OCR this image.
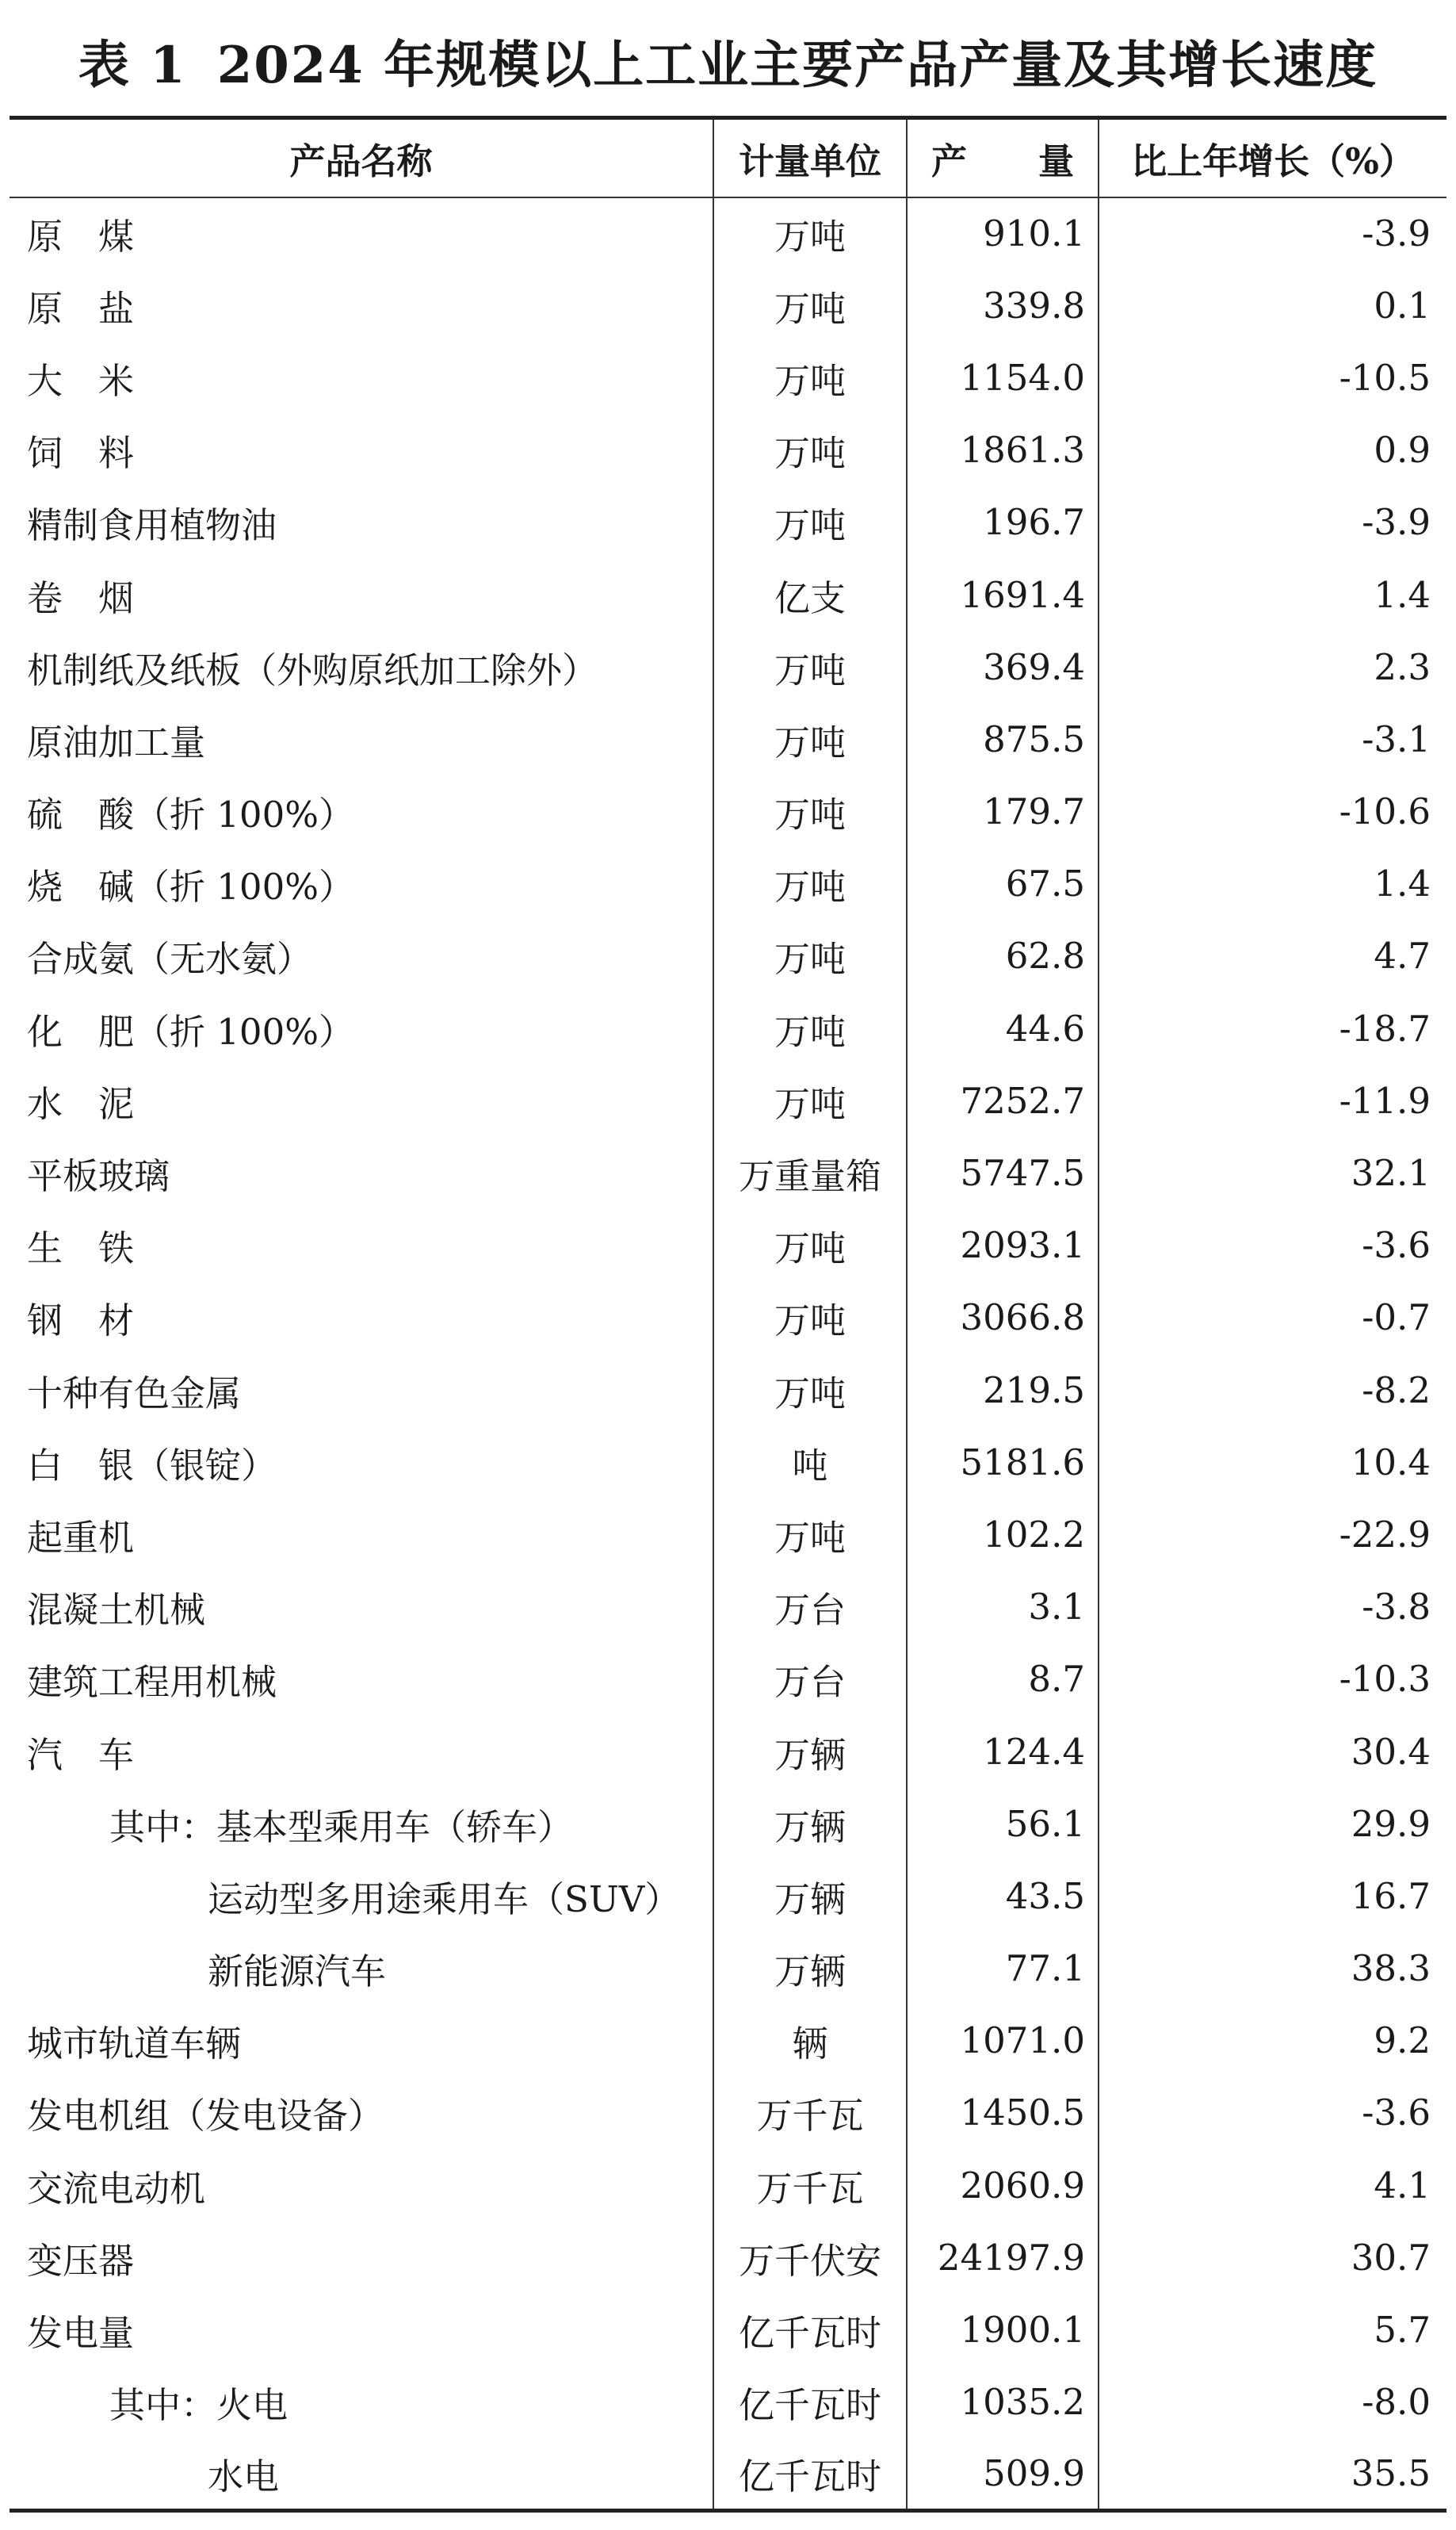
表 1 2024 年规模以上工业主要产品产量及其增长速度
产品名称	计量单位	产　　量	比上年增长（%）
原　煤	万吨	910.1	-3.9
原　盐	万吨	339.8	0.1
大　米	万吨	1154.0	-10.5
饲　料	万吨	1861.3	0.9
精制食用植物油	万吨	196.7	-3.9
卷　烟	亿支	1691.4	1.4
机制纸及纸板（外购原纸加工除外）	万吨	369.4	2.3
原油加工量	万吨	875.5	-3.1
硫　酸（折 100%）	万吨	179.7	-10.6
烧　碱（折 100%）	万吨	67.5	1.4
合成氨（无水氨）	万吨	62.8	4.7
化　肥（折 100%）	万吨	44.6	-18.7
水　泥	万吨	7252.7	-11.9
平板玻璃	万重量箱	5747.5	32.1
生　铁	万吨	2093.1	-3.6
钢　材	万吨	3066.8	-0.7
十种有色金属	万吨	219.5	-8.2
白　银（银锭）	吨	5181.6	10.4
起重机	万吨	102.2	-22.9
混凝土机械	万台	3.1	-3.8
建筑工程用机械	万台	8.7	-10.3
汽　车	万辆	124.4	30.4
其中：基本型乘用车（轿车）	万辆	56.1	29.9
运动型多用途乘用车（SUV）	万辆	43.5	16.7
新能源汽车	万辆	77.1	38.3
城市轨道车辆	辆	1071.0	9.2
发电机组（发电设备）	万千瓦	1450.5	-3.6
交流电动机	万千瓦	2060.9	4.1
变压器	万千伏安	24197.9	30.7
发电量	亿千瓦时	1900.1	5.7
其中：火电	亿千瓦时	1035.2	-8.0
水电	亿千瓦时	509.9	35.5
